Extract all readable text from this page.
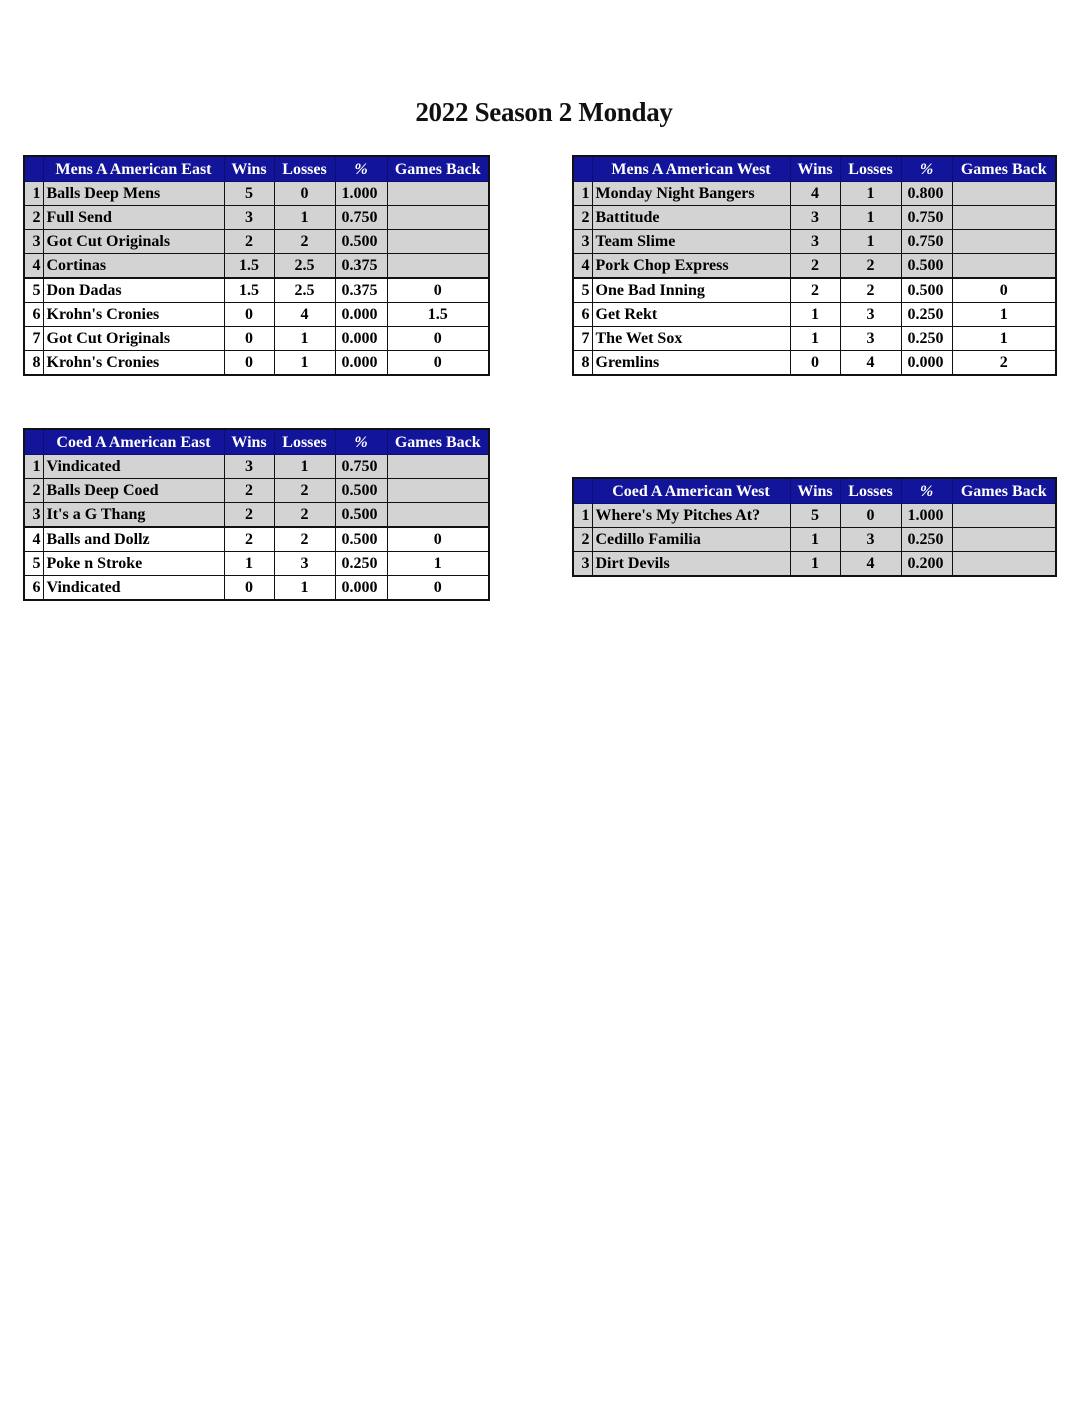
2022 Season 2 Monday
	Mens A American East	Wins	Losses	%	Games Back
1	Balls Deep Mens	5	0	1.000	
2	Full Send	3	1	0.750	
3	Got Cut Originals	2	2	0.500	
4	Cortinas	1.5	2.5	0.375	
5	Don Dadas	1.5	2.5	0.375	0
6	Krohn's Cronies	0	4	0.000	1.5
7	Got Cut Originals	0	1	0.000	0
8	Krohn's Cronies	0	1	0.000	0
	Mens A American West	Wins	Losses	%	Games Back
1	Monday Night Bangers	4	1	0.800	
2	Battitude	3	1	0.750	
3	Team Slime	3	1	0.750	
4	Pork Chop Express	2	2	0.500	
5	One Bad Inning	2	2	0.500	0
6	Get Rekt	1	3	0.250	1
7	The Wet Sox	1	3	0.250	1
8	Gremlins	0	4	0.000	2
	Coed A American East	Wins	Losses	%	Games Back
1	Vindicated	3	1	0.750	
2	Balls Deep Coed	2	2	0.500	
3	It's a G Thang	2	2	0.500	
4	Balls and Dollz	2	2	0.500	0
5	Poke n Stroke	1	3	0.250	1
6	Vindicated	0	1	0.000	0
	Coed A American West	Wins	Losses	%	Games Back
1	Where's My Pitches At?	5	0	1.000	
2	Cedillo Familia	1	3	0.250	
3	Dirt Devils	1	4	0.200	
